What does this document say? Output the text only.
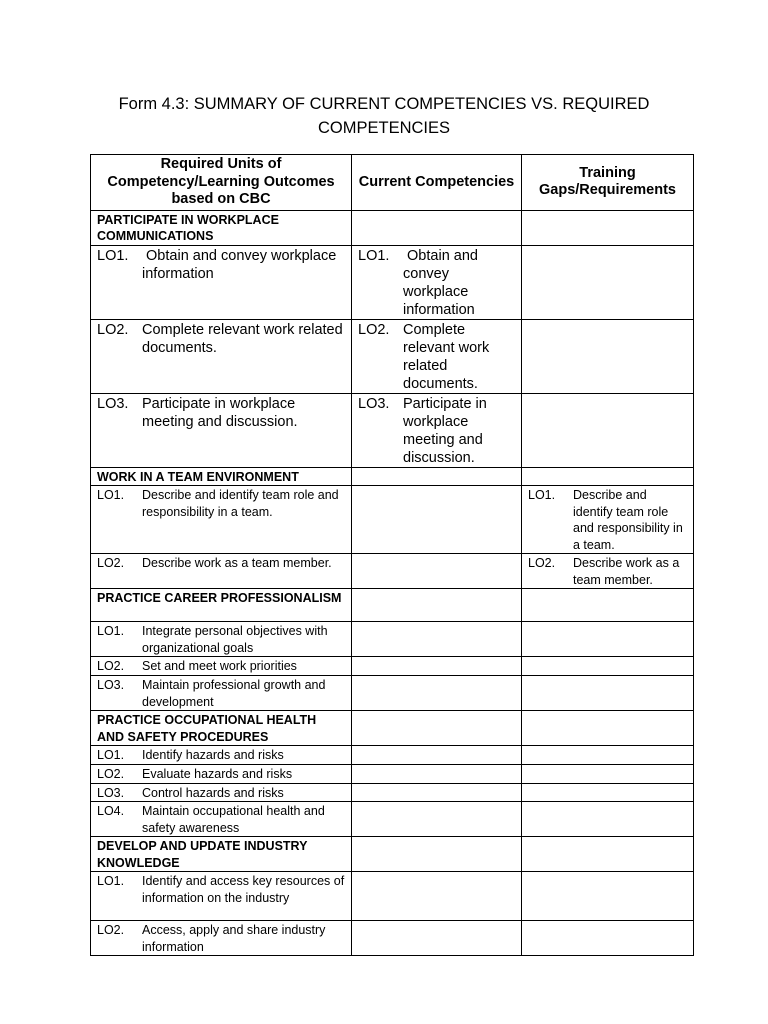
Form 4.3: SUMMARY OF CURRENT COMPETENCIES VS. REQUIRED
COMPETENCIES
Required Units of Competency/Learning Outcomes based on CBC	Current Competencies	Training Gaps/Requirements
PARTICIPATE IN WORKPLACE COMMUNICATIONS		

LO1. Obtain and convey workplace information	LO1. Obtain and convey workplace information	

LO2. Complete relevant work related documents.	LO2. Complete relevant work related documents.	

LO3. Participate in workplace meeting and discussion.	LO3. Participate in workplace meeting and discussion.	

WORK IN A TEAM ENVIRONMENT		

LO1. Describe and identify team role and responsibility in a team.		LO1. Describe and identify team role and responsibility in a team.

LO2. Describe work as a team member.		LO2. Describe work as a team member.

PRACTICE CAREER PROFESSIONALISM		

LO1. Integrate personal objectives with organizational goals		

LO2. Set and meet work priorities		

LO3. Maintain professional growth and development		

PRACTICE OCCUPATIONAL HEALTH AND SAFETY PROCEDURES		

LO1. Identify hazards and risks		

LO2. Evaluate hazards and risks		

LO3. Control hazards and risks		

LO4. Maintain occupational health and safety awareness		

DEVELOP AND UPDATE INDUSTRY KNOWLEDGE		

LO1. Identify and access key resources of information on the industry		

LO2. Access, apply and share industry information		
